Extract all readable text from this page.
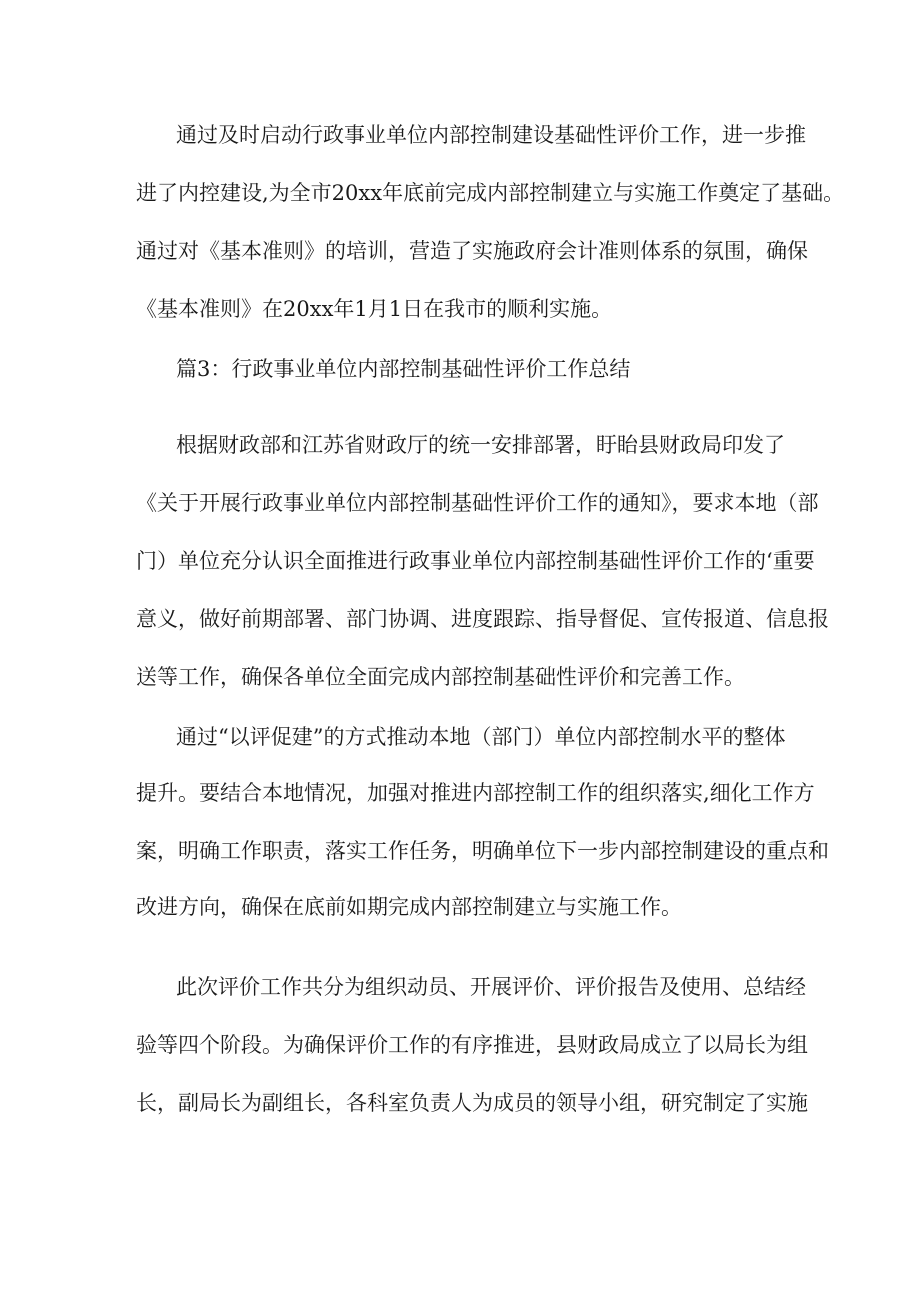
通过及时启动行政事业单位内部控制建设基础性评价工作，进一步推
进了内控建设,为全市20xx年底前完成内部控制建立与实施工作奠定了基础。
通过对《基本准则》的培训，营造了实施政府会计准则体系的氛围，确保
《基本准则》在20xx年1月1日在我市的顺利实施。
篇3：行政事业单位内部控制基础性评价工作总结
根据财政部和江苏省财政厅的统一安排部署，盱眙县财政局印发了
《关于开展行政事业单位内部控制基础性评价工作的通知》，要求本地（部
门）单位充分认识全面推进行政事业单位内部控制基础性评价工作的‘重要
意义，做好前期部署、部门协调、进度跟踪、指导督促、宣传报道、信息报
送等工作，确保各单位全面完成内部控制基础性评价和完善工作。
通过“以评促建”的方式推动本地（部门）单位内部控制水平的整体
提升。要结合本地情况，加强对推进内部控制工作的组织落实,细化工作方
案，明确工作职责，落实工作任务，明确单位下一步内部控制建设的重点和
改进方向，确保在底前如期完成内部控制建立与实施工作。
此次评价工作共分为组织动员、开展评价、评价报告及使用、总结经
验等四个阶段。为确保评价工作的有序推进，县财政局成立了以局长为组
长，副局长为副组长，各科室负责人为成员的领导小组，研究制定了实施
